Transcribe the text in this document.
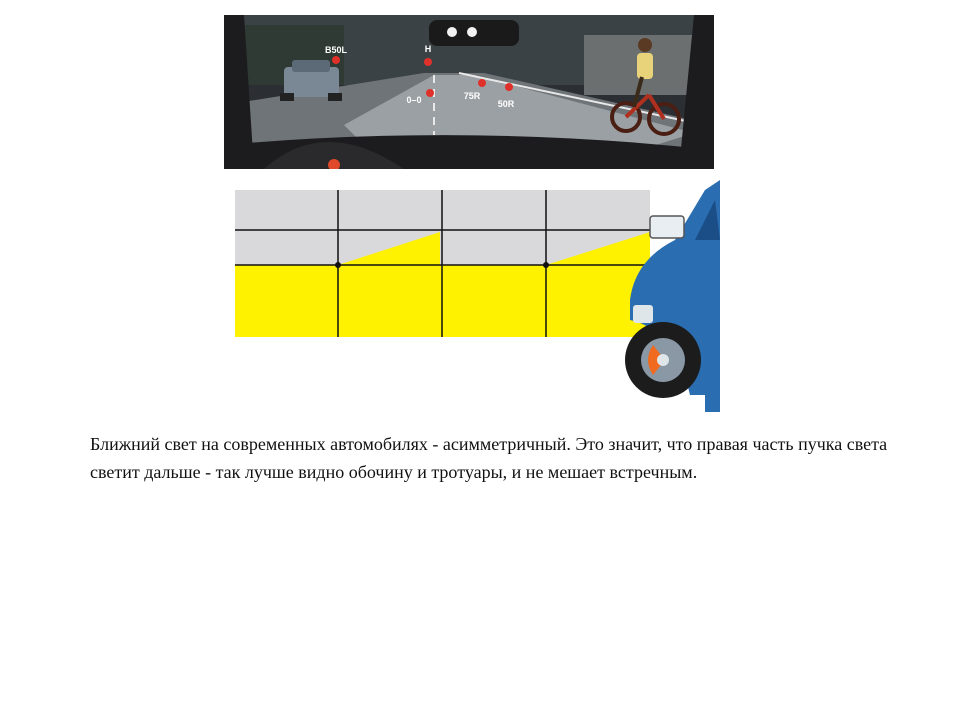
B50L	H
0–0	75R
50R

Ближний свет на современных автомобилях - асимметричный. Это значит, что правая часть пучка света светит дальше - так лучше видно обочину и тротуары, и не мешает встречным.
